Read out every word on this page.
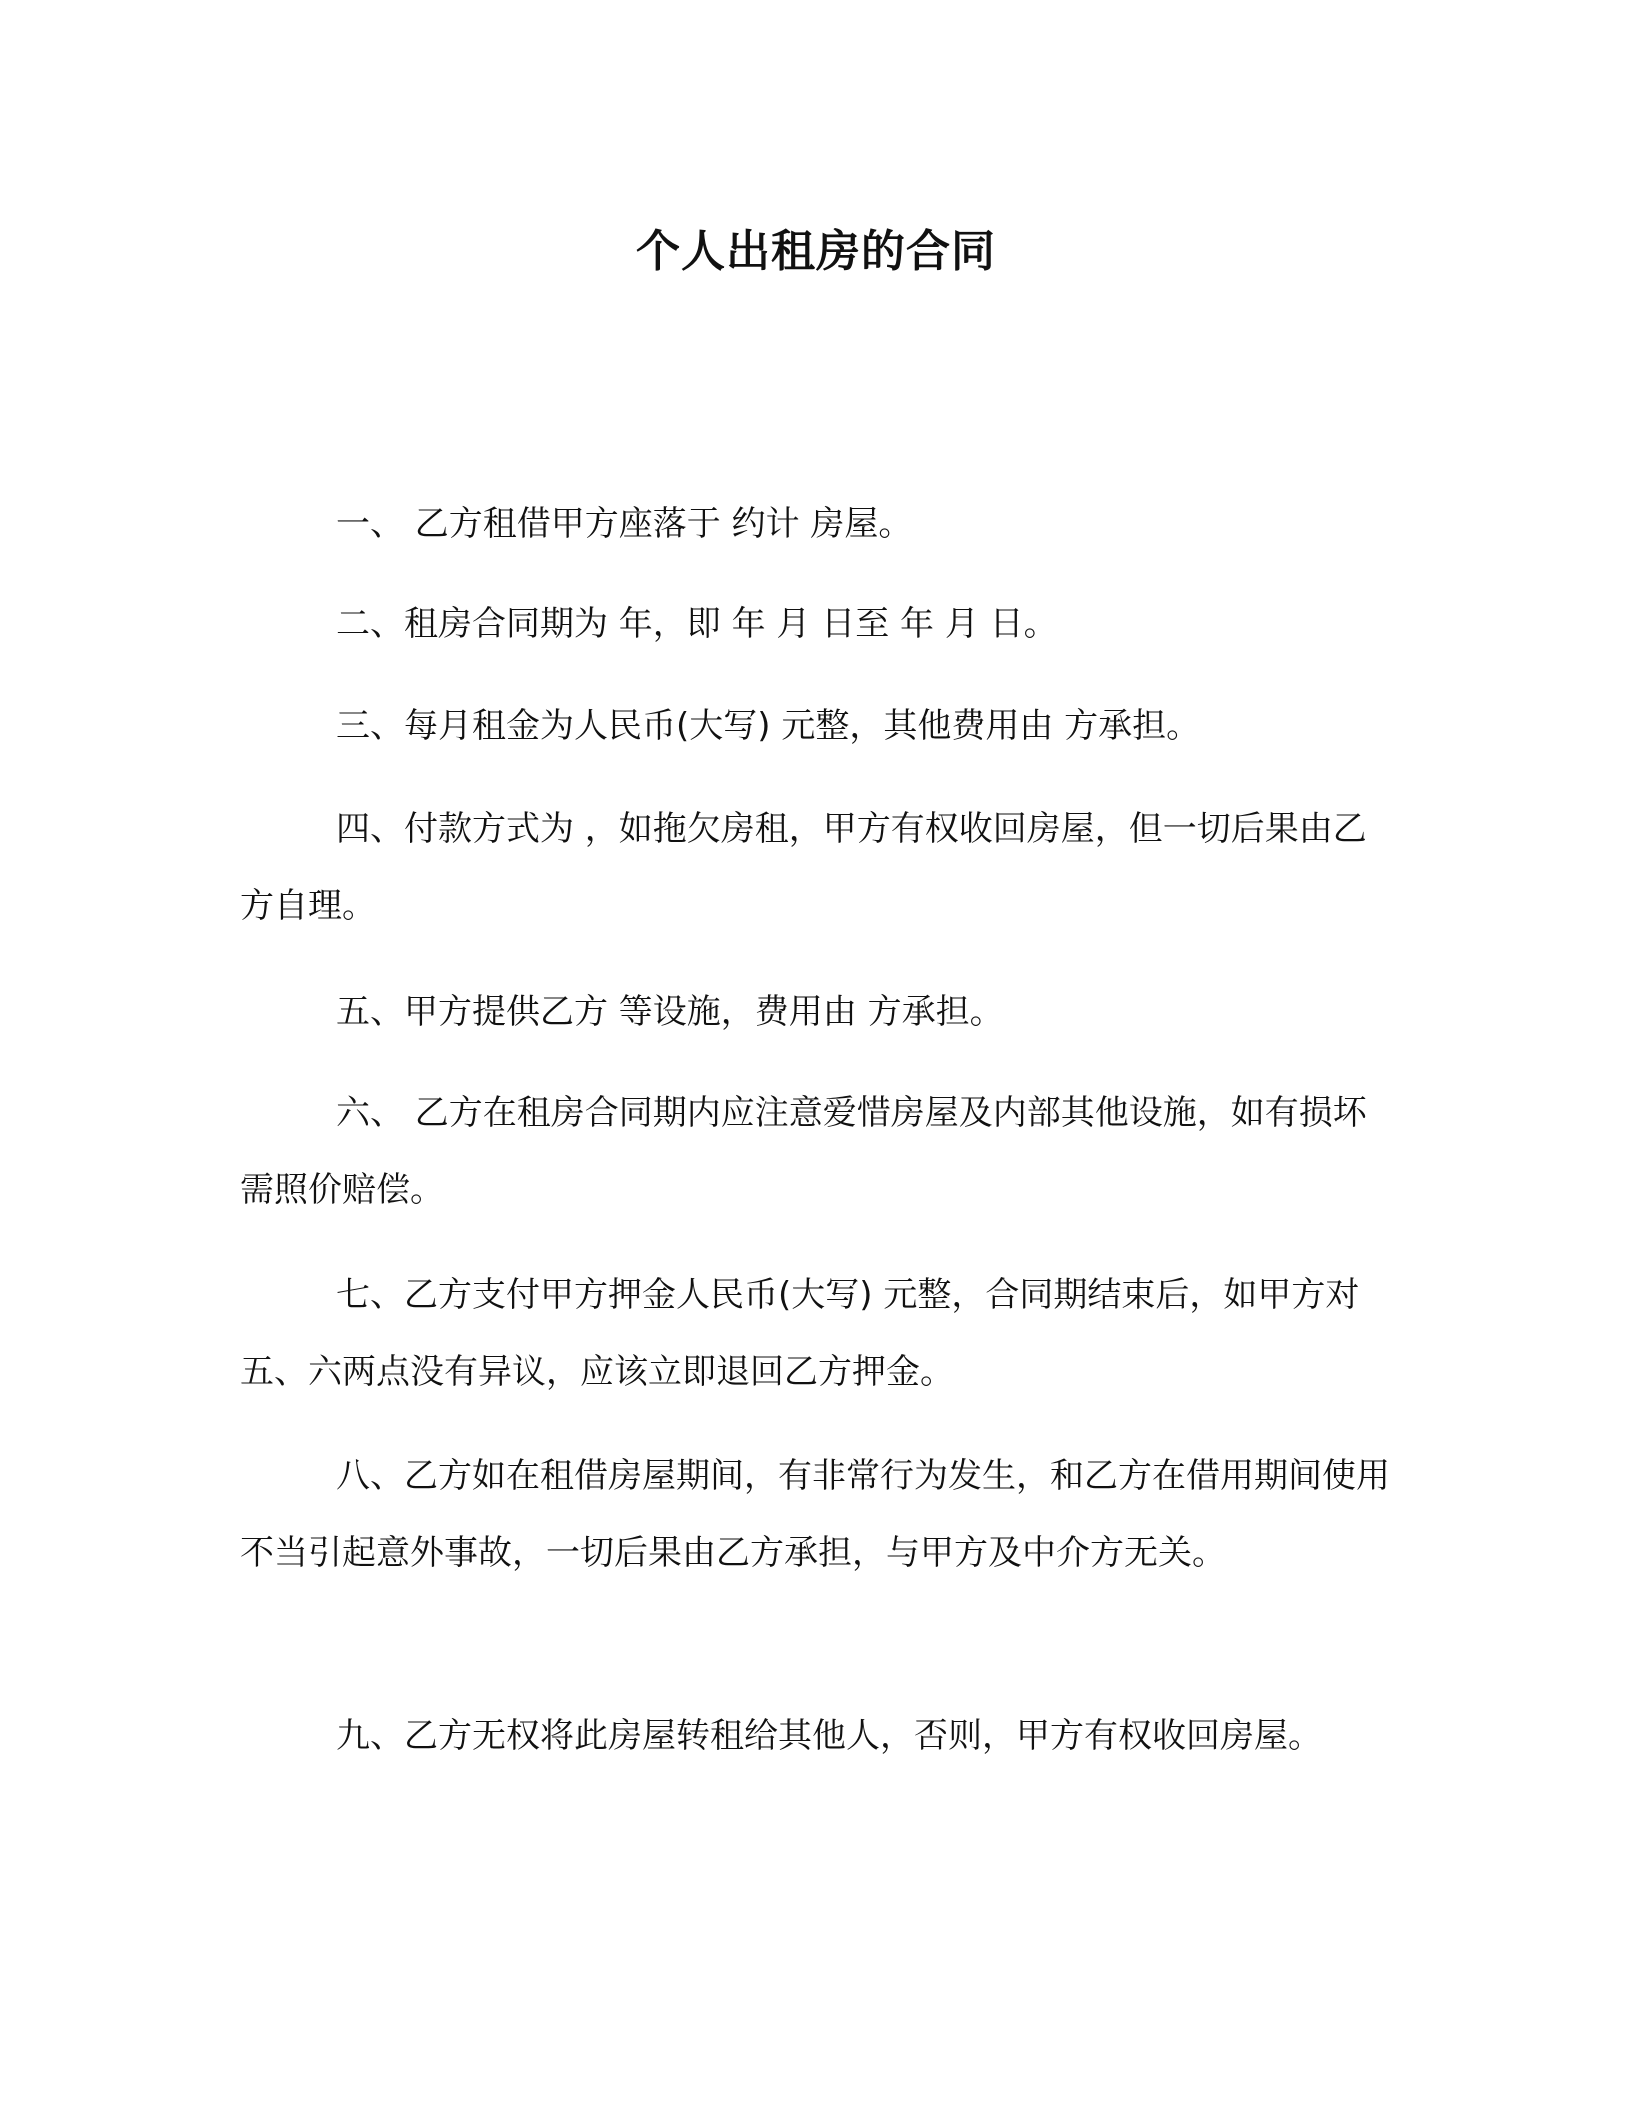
个人出租房的合同

一、 乙方租借甲方座落于 约计 房屋。

二、租房合同期为 年，即 年 月 日至 年 月 日。

三、每月租金为人民币(大写) 元整，其他费用由 方承担。

四、付款方式为 ，如拖欠房租，甲方有权收回房屋，但一切后果由乙方自理。

五、甲方提供乙方 等设施，费用由 方承担。

六、 乙方在租房合同期内应注意爱惜房屋及内部其他设施，如有损坏需照价赔偿。

七、乙方支付甲方押金人民币(大写) 元整，合同期结束后，如甲方对五、六两点没有异议，应该立即退回乙方押金。

八、乙方如在租借房屋期间，有非常行为发生，和乙方在借用期间使用不当引起意外事故，一切后果由乙方承担，与甲方及中介方无关。

九、乙方无权将此房屋转租给其他人，否则，甲方有权收回房屋。
